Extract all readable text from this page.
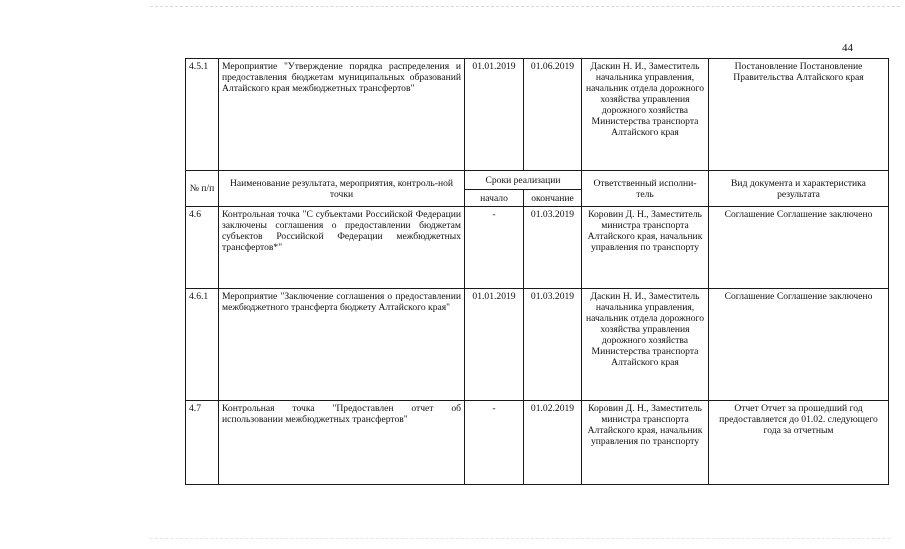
44
4.5.1	Мероприятие "Утверждение порядка распределения и предоставления бюджетам муниципальных образований Алтайского края межбюджетных трансфертов"	01.01.2019	01.06.2019	Даскин Н. И., Заместитель начальника управления, начальник отдела дорожного хозяйства управления дорожного хозяйства Министерства транспорта Алтайского края	Постановление Постановление Правительства Алтайского края
№ п/п	Наименование результата, мероприятия, контроль-ной точки	Сроки реализации		Ответственный исполни-тель	Вид документа и характеристика результата
		начало	окончание		
4.6	Контрольная точка "С субъектами Российской Федерации заключены соглашения о предоставлении бюджетам субъектов Российской Федерации межбюджетных трансфертов*"	-	01.03.2019	Коровин Д. Н., Заместитель министра транспорта Алтайского края, начальник управления по транспорту	Соглашение Соглашение заключено
4.6.1	Мероприятие "Заключение соглашения о предоставлении межбюджетного трансферта бюджету Алтайского края"	01.01.2019	01.03.2019	Даскин Н. И., Заместитель начальника управления, начальник отдела дорожного хозяйства управления дорожного хозяйства Министерства транспорта Алтайского края	Соглашение Соглашение заключено
4.7	Контрольная точка "Предоставлен отчет об использовании межбюджетных трансфертов"	-	01.02.2019	Коровин Д. Н., Заместитель министра транспорта Алтайского края, начальник управления по транспорту	Отчет Отчет за прошедший год предоставляется до 01.02. следующего года за отчетным
